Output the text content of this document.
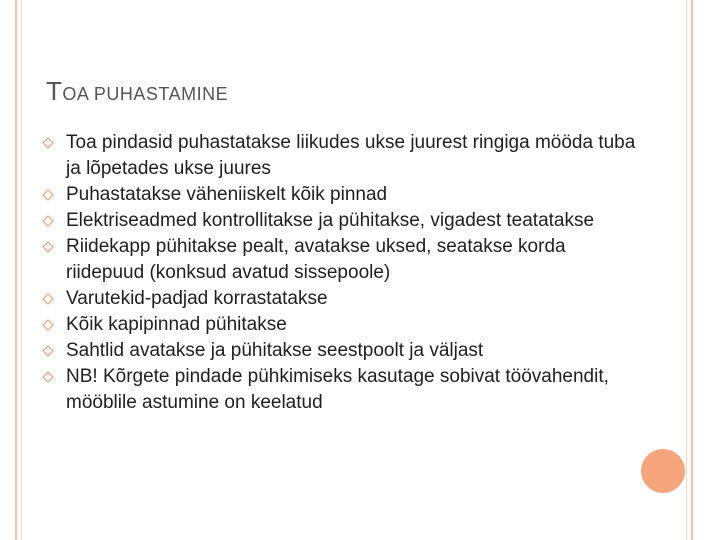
TOA PUHASTAMINE
Toa pindasid puhastatakse liikudes ukse juurest ringiga mööda tuba ja lõpetades ukse juures
Puhastatakse väheniiskelt kõik pinnad
Elektriseadmed kontrollitakse ja pühitakse, vigadest teatatakse
Riidekapp pühitakse pealt, avatakse uksed, seatakse korda riidepuud (konksud avatud sissepoole)
Varutekid-padjad korrastatakse
Kõik kapipinnad pühitakse
Sahtlid avatakse ja pühitakse seestpoolt ja väljast
NB! Kõrgete pindade pühkimiseks kasutage sobivat töövahendit, mööblile astumine on keelatud
